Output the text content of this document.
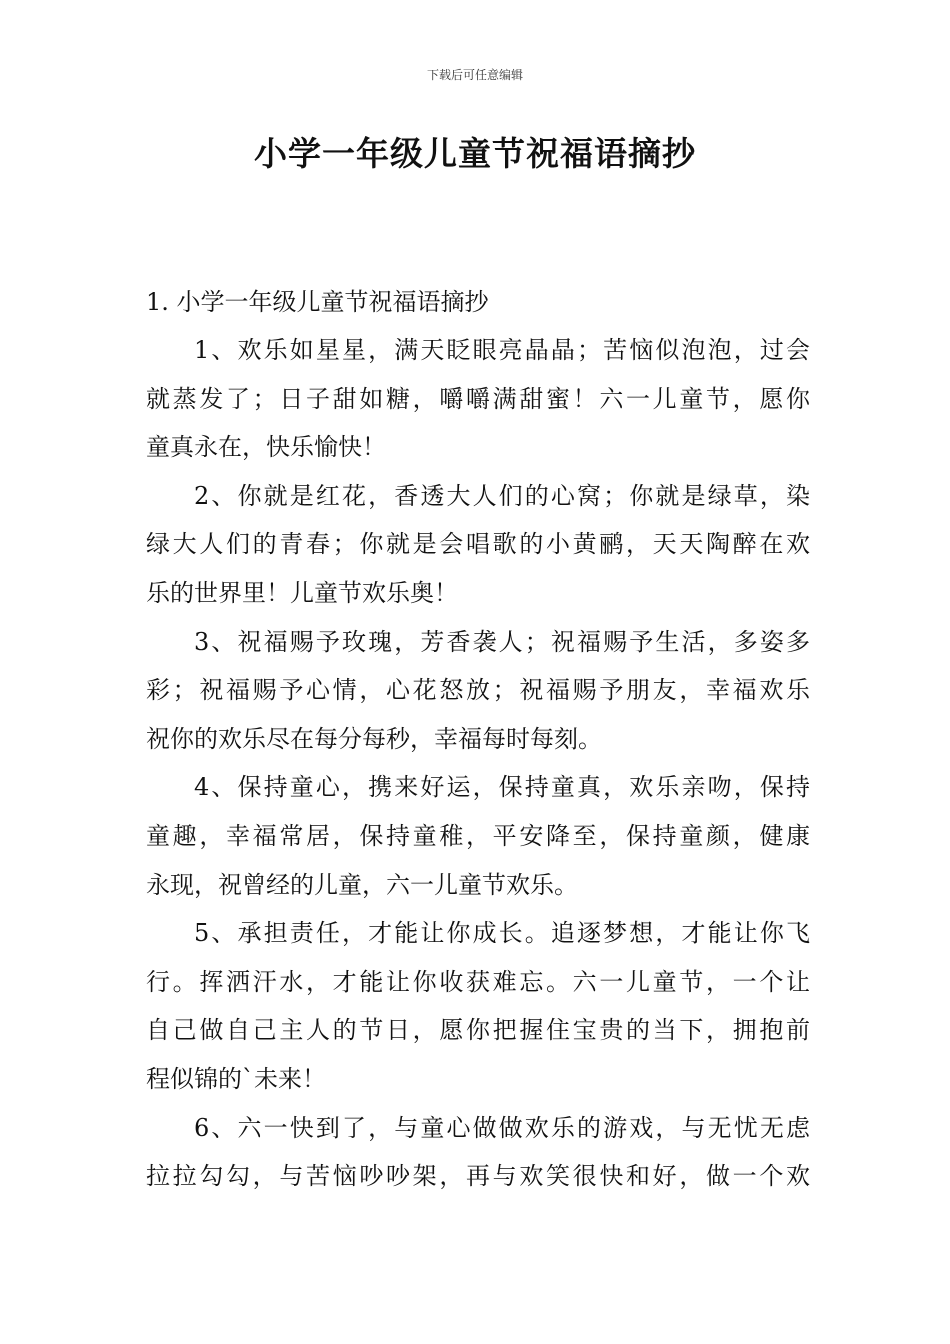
下载后可任意编辑
小学一年级儿童节祝福语摘抄

1. 小学一年级儿童节祝福语摘抄

1、欢乐如星星，满天眨眼亮晶晶；苦恼似泡泡，过会
就蒸发了；日子甜如糖，嚼嚼满甜蜜！六一儿童节，愿你
童真永在，快乐愉快！
2、你就是红花，香透大人们的心窝；你就是绿草，染
绿大人们的青春；你就是会唱歌的小黄鹂，天天陶醉在欢
乐的世界里！儿童节欢乐奥！
3、祝福赐予玫瑰，芳香袭人；祝福赐予生活，多姿多
彩；祝福赐予心情，心花怒放；祝福赐予朋友，幸福欢乐
祝你的欢乐尽在每分每秒，幸福每时每刻。
4、保持童心，携来好运，保持童真，欢乐亲吻，保持
童趣，幸福常居，保持童稚，平安降至，保持童颜，健康
永现，祝曾经的儿童，六一儿童节欢乐。
5、承担责任，才能让你成长。追逐梦想，才能让你飞
行。挥洒汗水，才能让你收获难忘。六一儿童节，一个让
自己做自己主人的节日，愿你把握住宝贵的当下，拥抱前
程似锦的`未来！
6、六一快到了，与童心做做欢乐的游戏，与无忧无虑
拉拉勾勾，与苦恼吵吵架，再与欢笑很快和好，做一个欢
